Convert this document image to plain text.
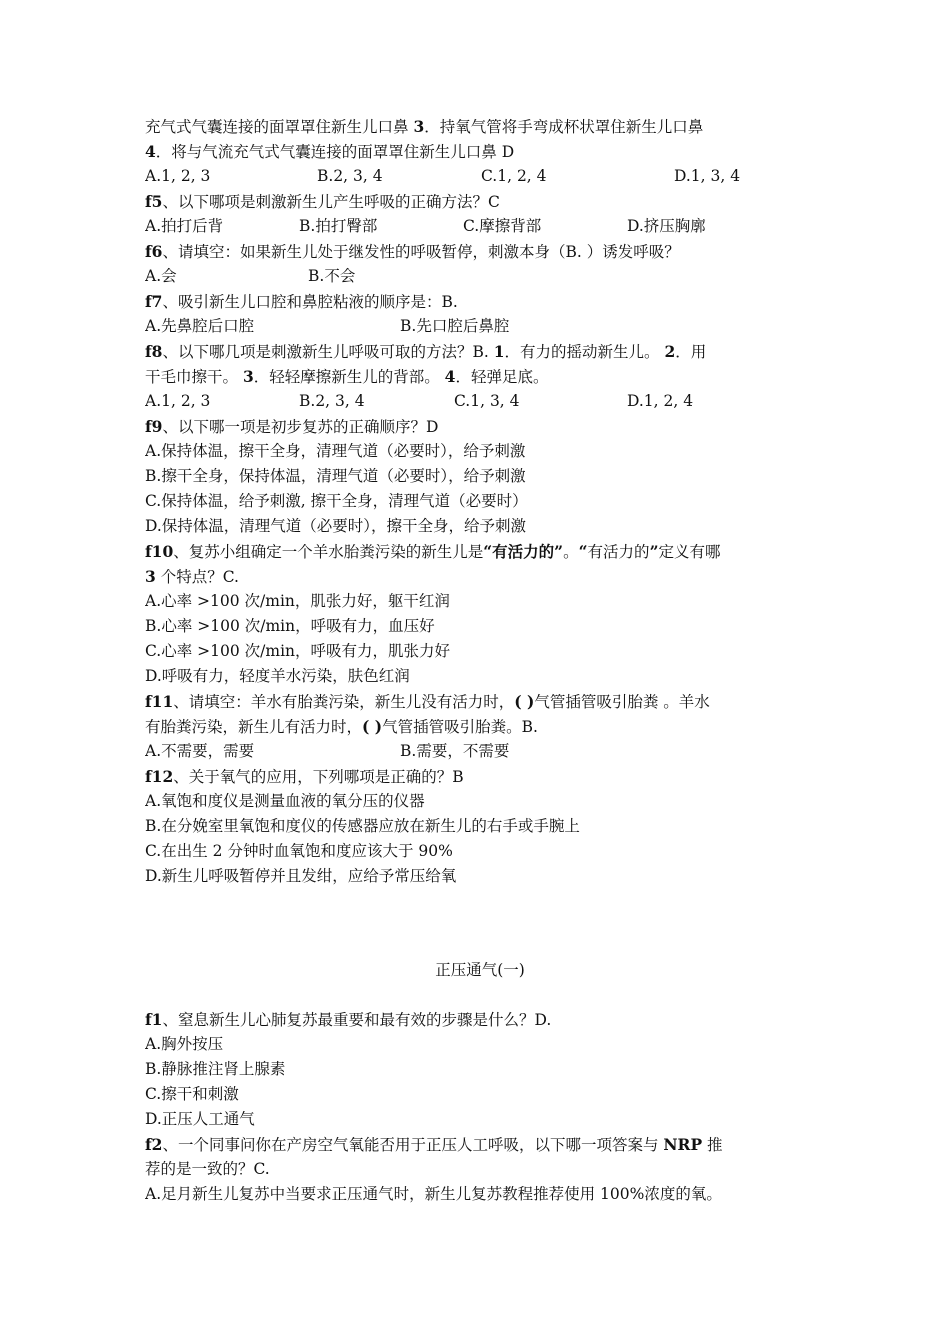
充气式气囊连接的面罩罩住新生儿口鼻 3．持氧气管将手弯成杯状罩住新生儿口鼻
4．将与气流充气式气囊连接的面罩罩住新生儿口鼻 D
A.1, 2, 3	B.2, 3, 4	C.1, 2, 4	D.1, 3, 4
f5、以下哪项是刺激新生儿产生呼吸的正确方法？C
A.拍打后背	B.拍打臀部	C.摩擦背部	D.挤压胸廓
f6、请填空：如果新生儿处于继发性的呼吸暂停，刺激本身（B. ）诱发呼吸？
A.会	B.不会
f7、吸引新生儿口腔和鼻腔粘液的顺序是：B.
A.先鼻腔后口腔	B.先口腔后鼻腔
f8、以下哪几项是刺激新生儿呼吸可取的方法？B. 1．有力的摇动新生儿。 2．用
干毛巾擦干。 3．轻轻摩擦新生儿的背部。 4．轻弹足底。
A.1, 2, 3	B.2, 3, 4	C.1, 3, 4	D.1, 2, 4
f9、以下哪一项是初步复苏的正确顺序？D
A.保持体温，擦干全身，清理气道（必要时），给予刺激
B.擦干全身，保持体温，清理气道（必要时），给予刺激
C.保持体温，给予刺激, 擦干全身，清理气道（必要时）
D.保持体温，清理气道（必要时），擦干全身，给予刺激
f10、复苏小组确定一个羊水胎粪污染的新生儿是“有活力的”。“有活力的”定义有哪
3 个特点？C.
A.心率 >100 次/min，肌张力好，躯干红润
B.心率 >100 次/min，呼吸有力，血压好
C.心率 >100 次/min，呼吸有力，肌张力好
D.呼吸有力，轻度羊水污染，肤色红润
f11、请填空：羊水有胎粪污染，新生儿没有活力时，( )气管插管吸引胎粪 。羊水
有胎粪污染，新生儿有活力时，( )气管插管吸引胎粪。B.
A.不需要，需要	B.需要，不需要
f12、关于氧气的应用，下列哪项是正确的？B
A.氧饱和度仪是测量血液的氧分压的仪器
B.在分娩室里氧饱和度仪的传感器应放在新生儿的右手或手腕上
C.在出生 2 分钟时血氧饱和度应该大于 90%
D.新生儿呼吸暂停并且发绀，应给予常压给氧
正压通气(一)
f1、窒息新生儿心肺复苏最重要和最有效的步骤是什么？D.
A.胸外按压
B.静脉推注肾上腺素
C.擦干和刺激
D.正压人工通气
f2、一个同事问你在产房空气氧能否用于正压人工呼吸，以下哪一项答案与 NRP 推
荐的是一致的？C.
A.足月新生儿复苏中当要求正压通气时，新生儿复苏教程推荐使用 100%浓度的氧。
